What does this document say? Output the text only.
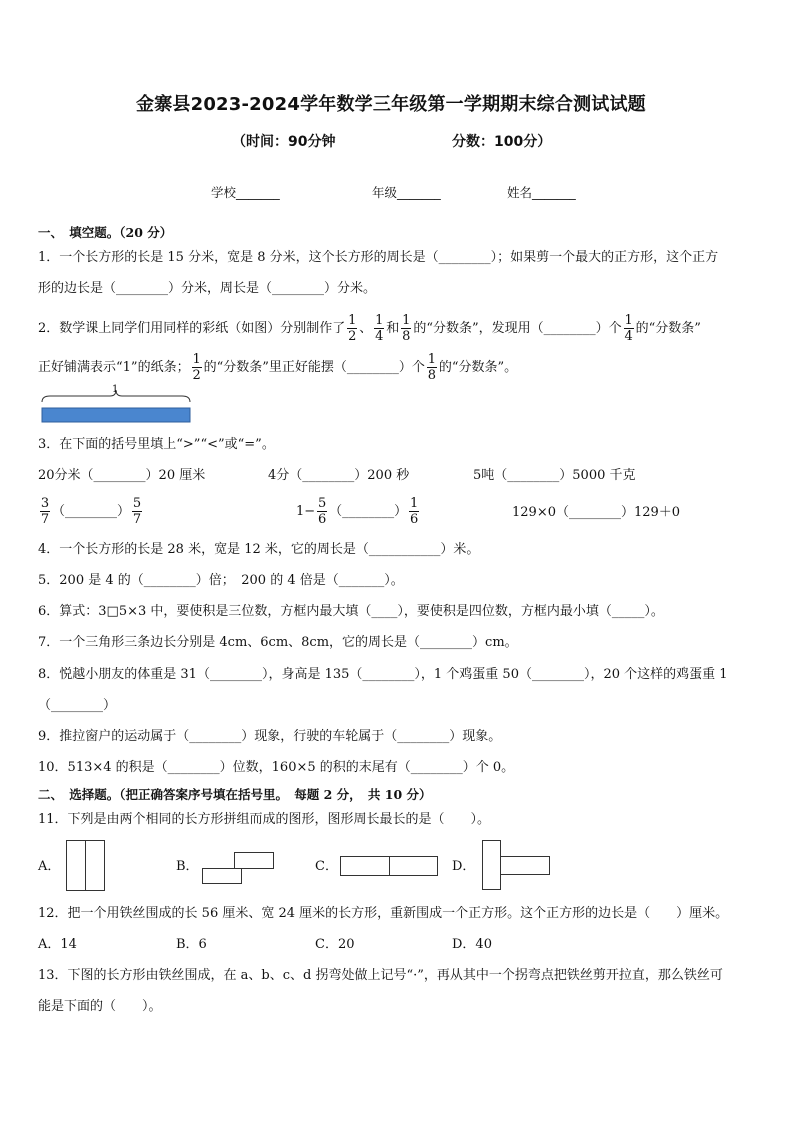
金寨县2023-2024学年数学三年级第一学期期末综合测试试题
（时间：90分钟	分数：100分）
学校_______	年级_______	姓名_______
一、　填空题。（20 分）
1．一个长方形的长是 15 分米，宽是 8 分米，这个长方形的周长是（________）；如果剪一个最大的正方形，这个正方
形的边长是（________）分米，周长是（________）分米。
2．数学课上同学们用同样的彩纸（如图）分别制作了 $\frac{1}{2}$ 、 $\frac{1}{4}$ 和 $\frac{1}{8}$ 的“分数条”，发现用（________）个 $\frac{1}{4}$ 的“分数条”
正好铺满表示“1”的纸条； $\frac{1}{2}$ 的“分数条”里正好能摆（________）个 $\frac{1}{8}$ 的“分数条”。
1
3．在下面的括号里填上“>”“<”或“=”。
20分米（________）20 厘米	4分（________）200 秒	5吨（________）5000 千克
$\frac{3}{7}$ （________） $\frac{5}{7}$	$1- \frac{5}{6}$ （________） $\frac{1}{6}$	129×0（________）129＋0
4．一个长方形的长是 28 米，宽是 12 米，它的周长是（___________）米。
5．200 是 4 的（________）倍；　200 的 4 倍是（_______）。
6．算式：3□5×3 中，要使积是三位数，方框内最大填（____），要使积是四位数，方框内最小填（_____）。
7．一个三角形三条边长分别是 4cm、6cm、8cm，它的周长是（________）cm。
8．悦越小朋友的体重是 31（________），身高是 135（________），1 个鸡蛋重 50（________），20 个这样的鸡蛋重 1
（________）
9．推拉窗户的运动属于（________）现象，行驶的车轮属于（________）现象。
10．513×4 的积是（________）位数，160×5 的积的末尾有（________）个 0。
二、　选择题。（把正确答案序号填在括号里。　每题 2 分，　共 10 分）
11．下列是由两个相同的长方形拼组而成的图形，图形周长最长的是（　　）。
A．	B．	C．	D．
12．把一个用铁丝围成的长 56 厘米、宽 24 厘米的长方形，重新围成一个正方形。这个正方形的边长是（　　）厘米。
A．14	B．6	C．20	D．40
13．下图的长方形由铁丝围成，在 a、b、c、d 拐弯处做上记号“·”，再从其中一个拐弯点把铁丝剪开拉直，那么铁丝可
能是下面的（　　）。
